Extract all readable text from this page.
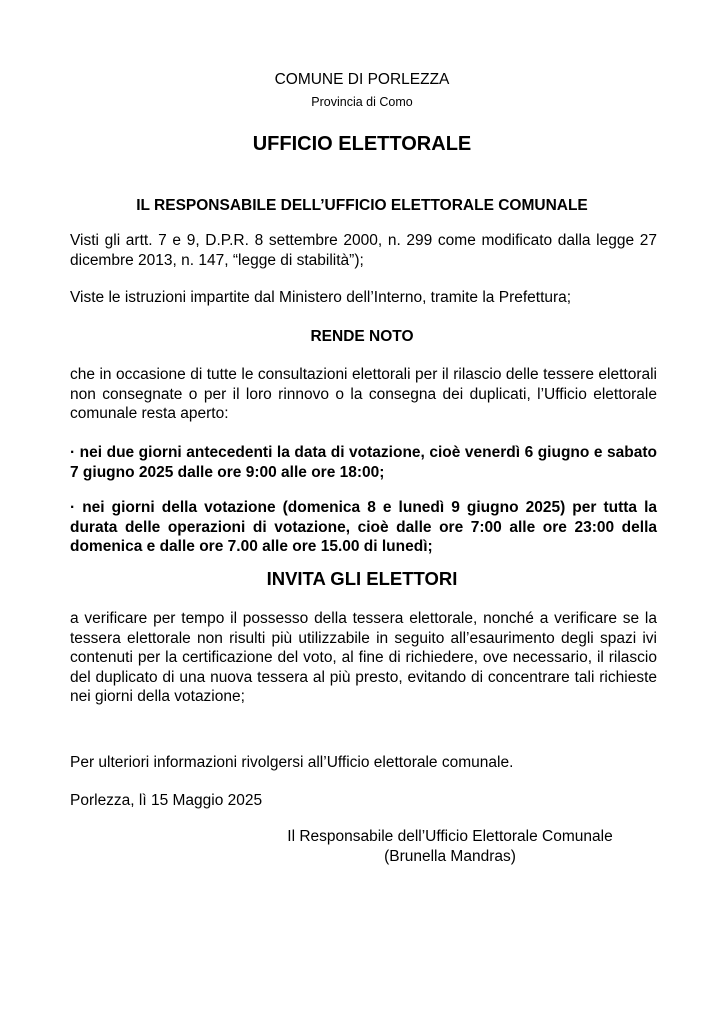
COMUNE DI PORLEZZA
Provincia di Como
UFFICIO ELETTORALE
IL RESPONSABILE DELL’UFFICIO ELETTORALE COMUNALE
Visti gli artt. 7 e 9, D.P.R. 8 settembre 2000, n. 299 come modificato dalla legge 27 dicembre 2013, n. 147, “legge di stabilità”);
Viste le istruzioni impartite dal Ministero dell’Interno, tramite la Prefettura;
RENDE NOTO
che in occasione di tutte le consultazioni elettorali per il rilascio delle tessere elettorali non consegnate o per il loro rinnovo o la consegna dei duplicati, l’Ufficio elettorale comunale resta aperto:
· nei due giorni antecedenti la data di votazione, cioè venerdì 6 giugno e sabato 7 giugno 2025 dalle ore 9:00 alle ore 18:00;
· nei giorni della votazione (domenica 8 e lunedì 9 giugno 2025) per tutta la durata delle operazioni di votazione, cioè dalle ore 7:00 alle ore 23:00 della domenica e dalle ore 7.00 alle ore 15.00 di lunedì;
INVITA GLI ELETTORI
a verificare per tempo il possesso della tessera elettorale, nonché a verificare se la tessera elettorale non risulti più utilizzabile in seguito all’esaurimento degli spazi ivi contenuti per la certificazione del voto, al fine di richiedere, ove necessario, il rilascio del duplicato di una nuova tessera al più presto, evitando di concentrare tali richieste nei giorni della votazione;
Per ulteriori informazioni rivolgersi all’Ufficio elettorale comunale.
Porlezza, lì 15 Maggio 2025
Il Responsabile dell’Ufficio Elettorale Comunale
(Brunella Mandras)
